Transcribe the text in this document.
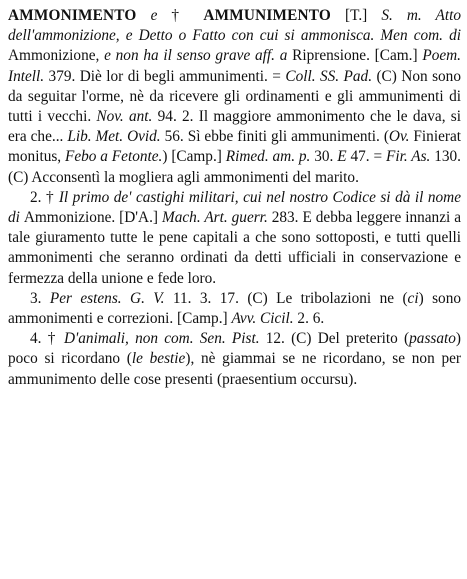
AMMONIMENTO e † AMMUNIMENTO [T.] S. m. Atto dell'ammonizione, e Detto o Fatto con cui si ammonisca. Men com. di Ammonizione, e non ha il senso grave aff. a Riprensione. [Cam.] Poem. Intell. 379. Diè lor di begli ammunimenti. = Coll. SS. Pad. (C) Non sono da seguitar l'orme, nè da ricevere gli ordinamenti e gli ammunimenti di tutti i vecchi. Nov. ant. 94. 2. Il maggiore ammonimento che le dava, si era che... Lib. Met. Ovid. 56. Sì ebbe finiti gli ammunimenti. (Ov. Finierat monitus, Febo a Fetonte.) [Camp.] Rimed. am. p. 30. E 47. = Fir. As. 130. (C) Acconsentì la mogliera agli ammonimenti del marito.

2. † Il primo de' castighi militari, cui nel nostro Codice si dà il nome di Ammonizione. [D'A.] Mach. Art. guerr. 283. E debba leggere innanzi a tale giuramento tutte le pene capitali a che sono sottoposti, e tutti quelli ammonimenti che seranno ordinati da detti ufficiali in conservazione e fermezza della unione e fede loro.

3. Per estens. G. V. 11. 3. 17. (C) Le tribolazioni ne (ci) sono ammonimenti e correzioni. [Camp.] Avv. Cicil. 2. 6.

4. † D'animali, non com. Sen. Pist. 12. (C) Del preterito (passato) poco si ricordano (le bestie), nè giammai se ne ricordano, se non per ammunimento delle cose presenti (praesentium occursu).
